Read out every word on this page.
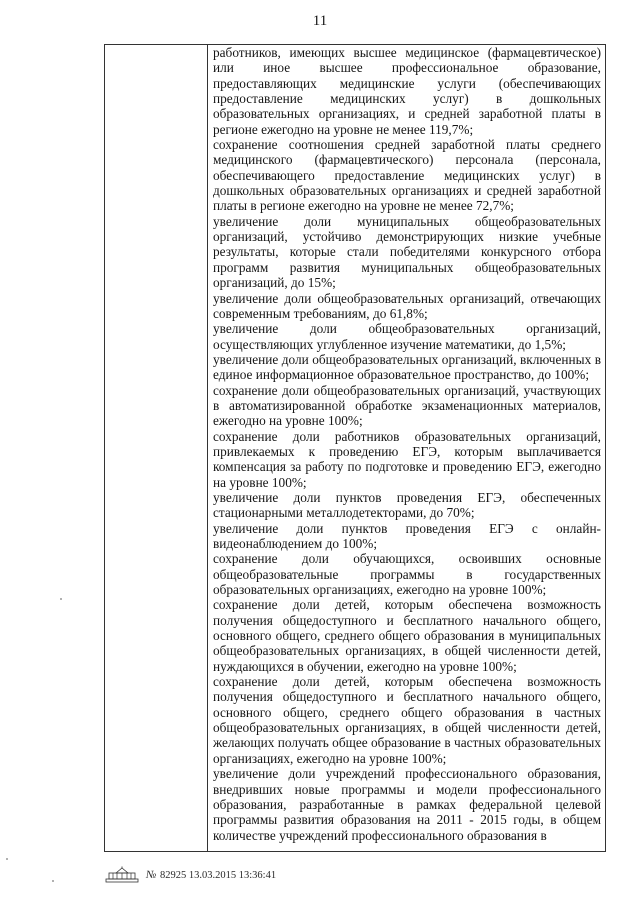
11

работников, имеющих высшее медицинское (фармацевтическое) или иное высшее профессиональное образование, предоставляющих медицинские услуги (обеспечивающих предоставление медицинских услуг) в дошкольных образовательных организациях, и средней заработной платы в регионе ежегодно на уровне не менее 119,7%;

сохранение соотношения средней заработной платы среднего медицинского (фармацевтического) персонала (персонала, обеспечивающего предоставление медицинских услуг) в дошкольных образовательных организациях и средней заработной платы в регионе ежегодно на уровне не менее 72,7%;

увеличение доли муниципальных общеобразовательных организаций, устойчиво демонстрирующих низкие учебные результаты, которые стали победителями конкурсного отбора программ развития муниципальных общеобразовательных организаций, до 15%;

увеличение доли общеобразовательных организаций, отвечающих современным требованиям, до 61,8%;

увеличение доли общеобразовательных организаций, осуществляющих углубленное изучение математики, до 1,5%;

увеличение доли общеобразовательных организаций, включенных в единое информационное образовательное пространство, до 100%;

сохранение доли общеобразовательных организаций, участвующих в автоматизированной обработке экзаменационных материалов, ежегодно на уровне 100%;

сохранение доли работников образовательных организаций, привлекаемых к проведению ЕГЭ, которым выплачивается компенсация за работу по подготовке и проведению ЕГЭ, ежегодно на уровне 100%;

увеличение доли пунктов проведения ЕГЭ, обеспеченных стационарными металлодетекторами, до 70%;

увеличение доли пунктов проведения ЕГЭ с онлайн-видеонаблюдением до 100%;

сохранение доли обучающихся, освоивших основные общеобразовательные программы в государственных образовательных организациях, ежегодно на уровне 100%;

сохранение доли детей, которым обеспечена возможность получения общедоступного и бесплатного начального общего, основного общего, среднего общего образования в муниципальных общеобразовательных организациях, в общей численности детей, нуждающихся в обучении, ежегодно на уровне 100%;

сохранение доли детей, которым обеспечена возможность получения общедоступного и бесплатного начального общего, основного общего, среднего общего образования в частных общеобразовательных организациях, в общей численности детей, желающих получать общее образование в частных образовательных организациях, ежегодно на уровне 100%;

увеличение доли учреждений профессионального образования, внедривших новые программы и модели профессионального образования, разработанные в рамках федеральной целевой программы развития образования на 2011 - 2015 годы, в общем количестве учреждений профессионального образования в

№ 82925 13.03.2015 13:36:41
